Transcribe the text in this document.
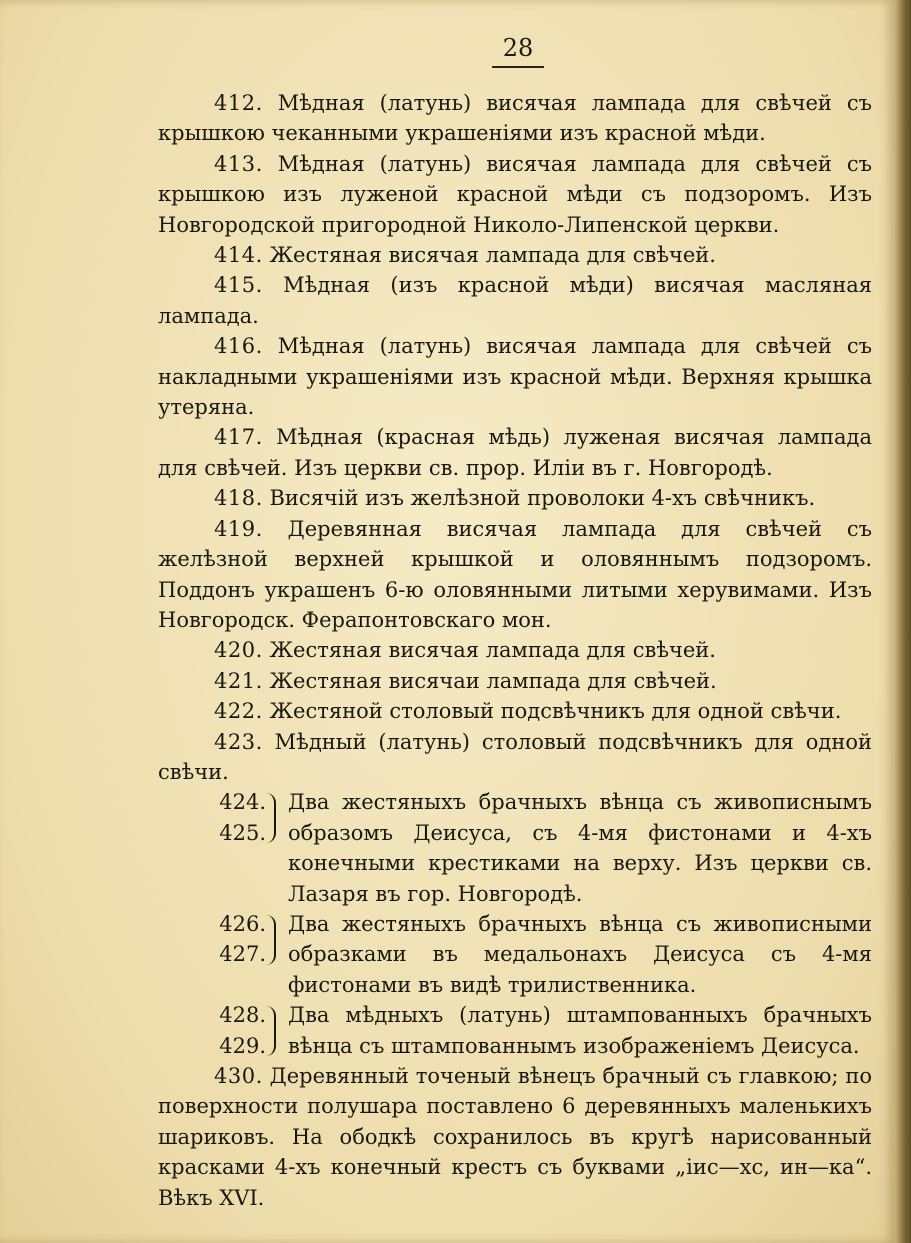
28

412. Мѣдная (латунь) висячая лампада для свѣчей съ крышкою чеканными украшеніями изъ красной мѣди.

413. Мѣдная (латунь) висячая лампада для свѣчей съ крышкою изъ луженой красной мѣди съ подзоромъ. Изъ Новгородской пригородной Николо-Липенской церкви.

414. Жестяная висячая лампада для свѣчей.

415. Мѣдная (изъ красной мѣди) висячая масляная лампада.

416. Мѣдная (латунь) висячая лампада для свѣчей съ накладными украшеніями изъ красной мѣди. Верхняя крышка утеряна.

417. Мѣдная (красная мѣдь) луженая висячая лампада для свѣчей. Изъ церкви св. прор. Иліи въ г. Новгородѣ.

418. Висячій изъ желѣзной проволоки 4-хъ свѣчникъ.

419. Деревянная висячая лампада для свѣчей съ желѣзной верхней крышкой и оловяннымъ подзоромъ. Поддонъ украшенъ 6-ю оловянными литыми херувимами. Изъ Новгородск. Ферапонтовскаго мон.

420. Жестяная висячая лампада для свѣчей.

421. Жестяная висячаи лампада для свѣчей.

422. Жестяной столовый подсвѣчникъ для одной свѣчи.

423. Мѣдный (латунь) столовый подсвѣчникъ для одной свѣчи.

424.
425.

Два жестяныхъ брачныхъ вѣнца съ живописнымъ образомъ Деисуса, съ 4-мя фистонами и 4-хъ конечными крестиками на верху. Изъ церкви св. Лазаря въ гор. Новгородѣ.

426.
427.

Два жестяныхъ брачныхъ вѣнца съ живописными образками въ медальонахъ Деисуса съ 4-мя фистонами въ видѣ трилиственника.

428.
429.

Два мѣдныхъ (латунь) штампованныхъ брачныхъ вѣнца съ штампованнымъ изображеніемъ Деисуса.

430. Деревянный точеный вѣнецъ брачный съ главкою; по поверхности полушара поставлено 6 деревянныхъ маленькихъ шариковъ. На ободкѣ сохранилось въ кругѣ нарисованный красками 4-хъ конечный крестъ съ буквами „іис—хс, ин—ка“. Вѣкъ XVI.
